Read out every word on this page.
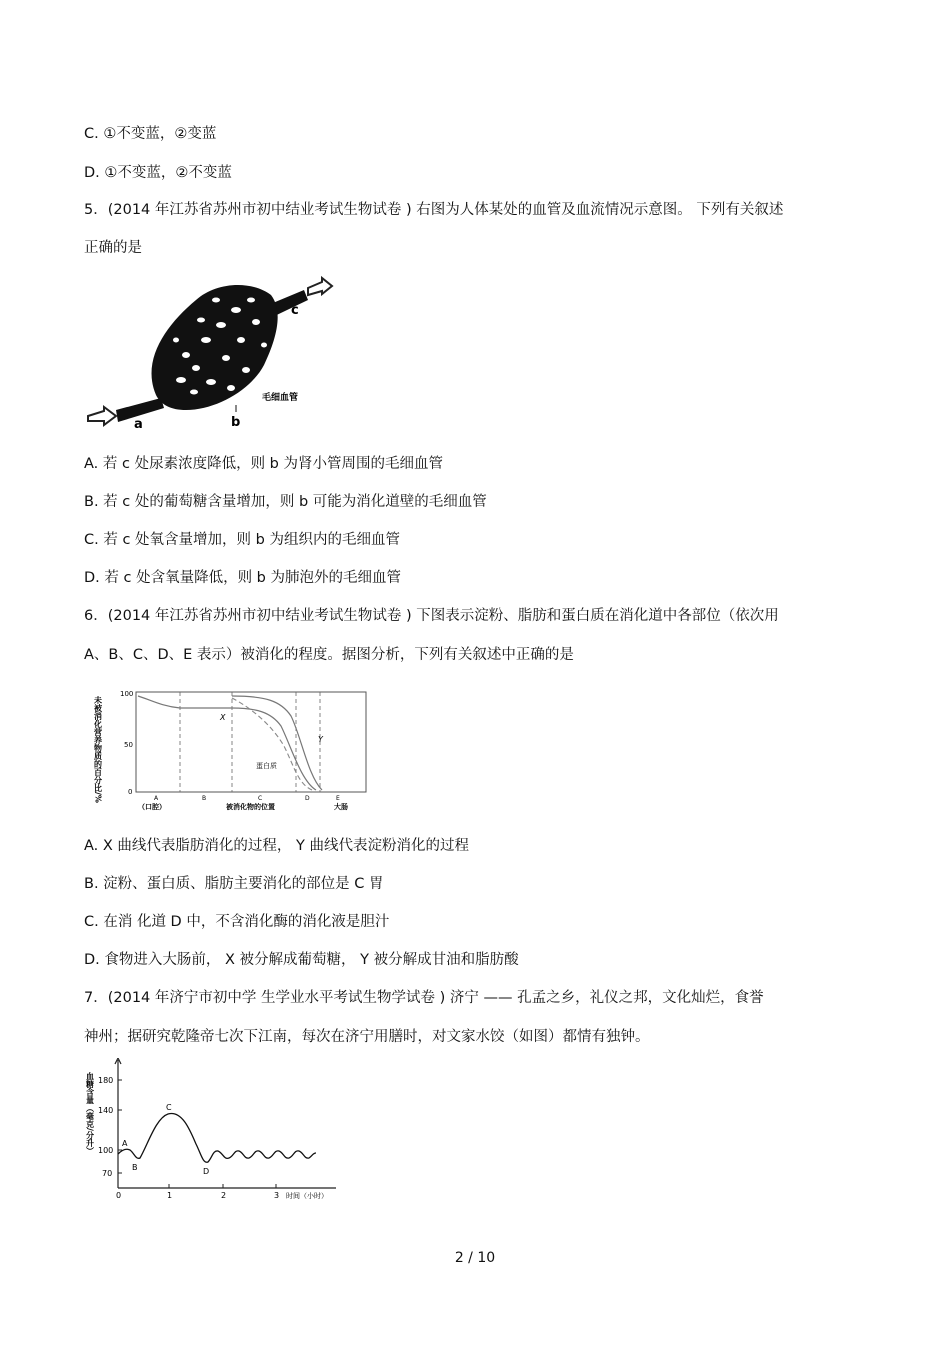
C. ①不变蓝，②变蓝
D. ①不变蓝，②不变蓝
5．(2014 年江苏省苏州市初中结业考试生物试卷 ) 右图为人体某处的血管及血流情况示意图。 下列有关叙述
正确的是
a	b
c
毛细血管
A. 若 c 处尿素浓度降低，则 b 为肾小管周围的毛细血管
B. 若 c 处的葡萄糖含量增加，则 b 可能为消化道壁的毛细血管
C. 若 c 处氧含量增加，则 b 为组织内的毛细血管
D. 若 c 处含氧量降低，则 b 为肺泡外的毛细血管
6．(2014 年江苏省苏州市初中结业考试生物试卷 ) 下图表示淀粉、脂肪和蛋白质在消化道中各部位（依次用
A、B、C、D、E 表示）被消化的程度。据图分析，下列有关叙述中正确的是
未被消化营养物质的百分比/%
100
50
0
X
Y
蛋白质
A
（口腔）
B	C	D	E
被消化物的位置	大肠
A. X 曲线代表脂肪消化的过程， Y 曲线代表淀粉消化的过程
B. 淀粉、蛋白质、脂肪主要消化的部位是 C 胃
C. 在消 化道 D 中，不含消化酶的消化液是胆汁
D. 食物进入大肠前， X 被分解成葡萄糖， Y 被分解成甘油和脂肪酸
7．(2014 年济宁市初中学 生学业水平考试生物学试卷 ) 济宁 —— 孔孟之乡，礼仪之邦，文化灿烂，食誉
神州；据研究乾隆帝七次下江南，每次在济宁用膳时，对文家水饺（如图）都情有独钟。
血糖含量（毫克/分升） 180
140
100
70
0	1	2	3 时间（小时）
A
B
C
D
2 / 10
